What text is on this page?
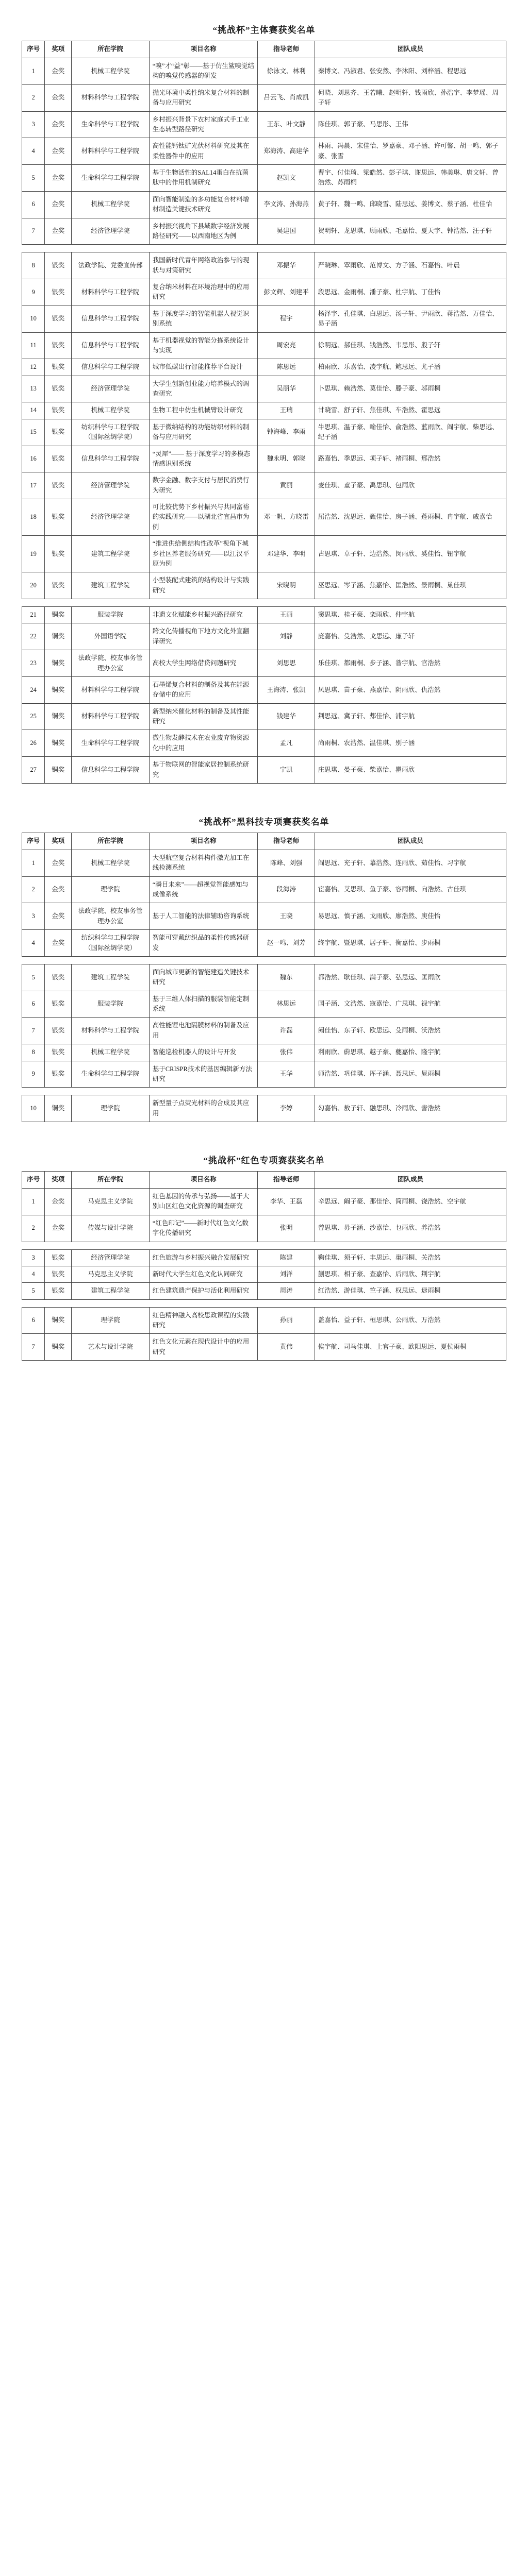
“挑战杯”主体赛获奖名单
序号	奖项	所在学院	项目名称	指导老师	团队成员
1	金奖	机械工程学院	“嗅”才“益”彰——基于仿生鲨嗅觉结构的嗅觉传感器的研发	徐泳文、林利	秦博文、冯淑君、张安然、李沐阳、刘梓涵、程思远
2	金奖	材料科学与工程学院	抛光环境中柔性纳米复合材料的制备与应用研究	吕云飞、肖成凯	何晓、刘思齐、王若曦、赵明轩、钱雨欣、孙浩宇、李梦瑶、周子轩
3	金奖	生命科学与工程学院	乡村振兴背景下农村家庭式手工业生态转型路径研究	王东、叶文静	陈佳琪、郭子豪、马思彤、王伟
4	金奖	材料科学与工程学院	高性能钙钛矿光伏材料研究及其在柔性器件中的应用	郑海涛、高建华	林雨、冯晨、宋佳怡、罗嘉豪、邓子涵、许可馨、胡一鸣、郭子豪、张雪
5	金奖	生命科学与工程学院	基于生物活性的SAL14蛋白在抗菌肽中的作用机制研究	赵凯文	曹宇、付佳琦、梁皓然、彭子琪、谢思远、韩美琳、唐文轩、曾浩然、苏雨桐
6	金奖	机械工程学院	面向智能制造的多功能复合材料增材制造关键技术研究	李文涛、孙海燕	黄子轩、魏一鸣、邱晓雪、陆思远、姜博文、蔡子涵、杜佳怡
7	金奖	经济管理学院	乡村振兴视角下县域数字经济发展路径研究——以西南地区为例	吴建国	贺明轩、龙思琪、顾雨欣、毛嘉怡、夏天宇、钟浩然、汪子轩

8	银奖	法政学院、党委宣传部	我国新时代青年网络政治参与的现状与对策研究	邓振华	严晓琳、覃雨欣、范博文、方子涵、石嘉怡、叶晨
9	银奖	材料科学与工程学院	复合纳米材料在环境治理中的应用研究	彭文辉、刘建平	段思远、金雨桐、潘子豪、杜宇航、丁佳怡
10	银奖	信息科学与工程学院	基于深度学习的智能机器人视觉识别系统	程宇	杨泽宇、孔佳琪、白思远、汤子轩、尹雨欣、蒋浩然、万佳怡、易子涵
11	银奖	信息科学与工程学院	基于机器视觉的智能分拣系统设计与实现	周宏亮	徐明远、郝佳琪、钱浩然、韦思彤、殷子轩
12	银奖	信息科学与工程学院	城市低碳出行智能推荐平台设计	陈思远	柏雨欣、乐嘉怡、凌宇航、鲍思远、尤子涵
13	银奖	经济管理学院	大学生创新创业能力培养模式的调查研究	吴丽华	卜思琪、赖浩然、莫佳怡、滕子豪、邬雨桐
14	银奖	机械工程学院	生物工程中仿生机械臂设计研究	王瑞	甘晓雪、舒子轩、焦佳琪、车浩然、霍思远
15	银奖	纺织科学与工程学院（国际丝绸学院）	基于微纳结构的功能纺织材料的制备与应用研究	钟海峰、李雨	牛思琪、温子豪、喻佳怡、俞浩然、蓝雨欣、阎宇航、柴思远、纪子涵
16	银奖	信息科学与工程学院	“灵犀”—— 基于深度学习的多模态情感识别系统	魏永明、郭晓	路嘉怡、季思远、项子轩、褚雨桐、邢浩然
17	银奖	经济管理学院	数字金融、数字支付与居民消费行为研究	黄丽	麦佳琪、童子豪、禹思琪、包雨欣
18	银奖	经济管理学院	可比较优势下乡村振兴与共同富裕的实践研究——以湖北省宜昌市为例	邓一帆、方晓雷	屈浩然、沈思远、甄佳怡、房子涵、蓬雨桐、冉宇航、戚嘉怡
19	银奖	建筑工程学院	“推进供给侧结构性改革”视角下城乡社区养老服务研究——以江汉平原为例	邓建华、李明	古思琪、卓子轩、边浩然、闵雨欣、奚佳怡、钮宇航
20	银奖	建筑工程学院	小型装配式建筑的结构设计与实践研究	宋晓明	巫思远、岑子涵、焦嘉怡、匡浩然、景雨桐、巢佳琪

21	铜奖	服装学院	非遗文化赋能乡村振兴路径研究	王丽	窦思琪、桂子豪、栾雨欣、仲宇航
22	铜奖	外国语学院	跨文化传播视角下地方文化外宣翻译研究	刘静	庞嘉怡、殳浩然、戈思远、廉子轩
23	铜奖	法政学院、校友事务管理办公室	高校大学生网络借贷问题研究	刘思思	乐佳琪、都雨桐、步子涵、昝宇航、官浩然
24	铜奖	材料科学与工程学院	石墨烯复合材料的制备及其在能源存储中的应用	王海涛、张凯	凤思琪、苗子豪、燕嘉怡、阴雨欣、仇浩然
25	铜奖	材料科学与工程学院	新型纳米催化材料的制备及其性能研究	钱建华	荆思远、冀子轩、郏佳怡、浦宇航
26	铜奖	生命科学与工程学院	微生物发酵技术在农业废弃物资源化中的应用	孟凡	尚雨桐、农浩然、温佳琪、别子涵
27	铜奖	信息科学与工程学院	基于物联网的智能家居控制系统研究	宁凯	庄思琪、晏子豪、柴嘉怡、瞿雨欣
“挑战杯”黑科技专项赛获奖名单
序号	奖项	所在学院	项目名称	指导老师	团队成员
1	金奖	机械工程学院	大型航空复合材料构件激光加工在线检测系统	陈峰、刘强	阎思远、充子轩、慕浩然、连雨欣、茹佳怡、习宇航
2	金奖	理学院	“瞬目未来”——超视觉智能感知与成像系统	段海涛	宦嘉怡、艾思琪、鱼子豪、容雨桐、向浩然、古佳琪
3	金奖	法政学院、校友事务管理办公室	基于人工智能的法律辅助咨询系统	王晓	易思远、慎子涵、戈雨欣、廖浩然、庾佳怡
4	金奖	纺织科学与工程学院（国际丝绸学院）	智能可穿戴纺织品的柔性传感器研发	赵一鸣、刘芳	终宇航、暨思琪、居子轩、衡嘉怡、步雨桐

5	银奖	建筑工程学院	面向城市更新的智能建造关键技术研究	魏东	都浩然、耿佳琪、满子豪、弘思远、匡雨欣
6	银奖	服装学院	基于三维人体扫描的服装智能定制系统	林思远	国子涵、文浩然、寇嘉怡、广思琪、禄宇航
7	银奖	材料科学与工程学院	高性能锂电池隔膜材料的制备及应用	许磊	阙佳怡、东子轩、欧思远、殳雨桐、沃浩然
8	银奖	机械工程学院	智能巡检机器人的设计与开发	张伟	利雨欣、蔚思琪、越子豪、夔嘉怡、隆宇航
9	银奖	生命科学与工程学院	基于CRISPR技术的基因编辑新方法研究	王华	师浩然、巩佳琪、厍子涵、聂思远、晁雨桐

10	铜奖	理学院	新型量子点荧光材料的合成及其应用	李婷	勾嘉怡、敖子轩、融思琪、冷雨欣、訾浩然
“挑战杯”红色专项赛获奖名单
序号	奖项	所在学院	项目名称	指导老师	团队成员
1	金奖	马克思主义学院	红色基因的传承与弘扬——基于大别山区红色文化资源的调查研究	李华、王磊	辛思远、阚子豪、那佳怡、简雨桐、饶浩然、空宇航
2	金奖	传媒与设计学院	“红色印记”——新时代红色文化数字化传播研究	张明	曾思琪、毋子涵、沙嘉怡、乜雨欣、养浩然

3	银奖	经济管理学院	红色旅游与乡村振兴融合发展研究	陈建	鞠佳琪、须子轩、丰思远、巢雨桐、关浩然
4	银奖	马克思主义学院	新时代大学生红色文化认同研究	刘洋	蒯思琪、相子豪、查嘉怡、后雨欣、荆宇航
5	银奖	建筑工程学院	红色建筑遗产保护与活化利用研究	周涛	红浩然、游佳琪、竺子涵、权思远、逯雨桐

6	铜奖	理学院	红色精神融入高校思政课程的实践研究	孙丽	盖嘉怡、益子轩、桓思琪、公雨欣、万浩然
7	铜奖	艺术与设计学院	红色文化元素在现代设计中的应用研究	黄伟	俟宇航、司马佳琪、上官子豪、欧阳思远、夏侯雨桐
